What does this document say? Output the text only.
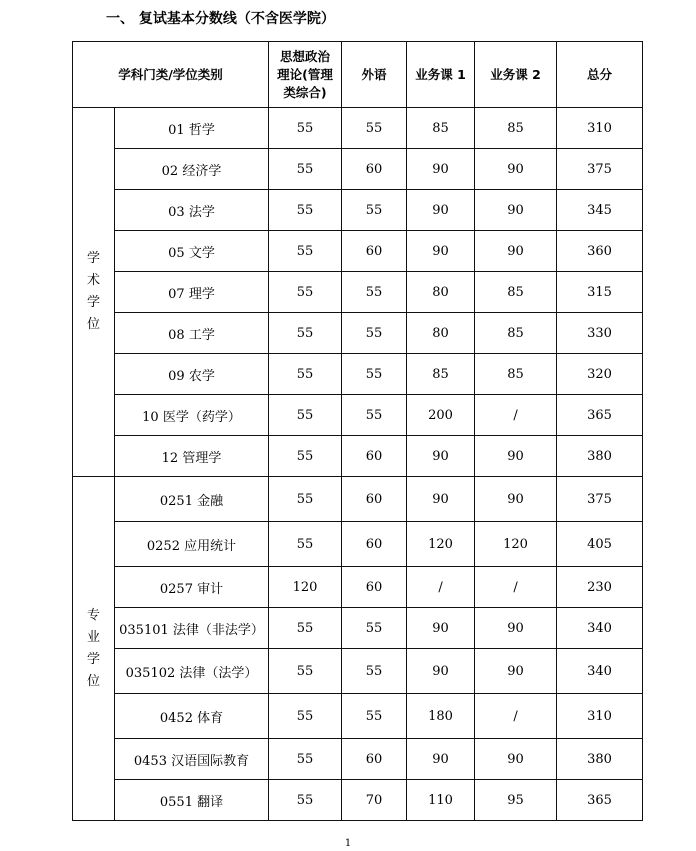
一、 复试基本分数线（不含医学院）
学科门类/学位类别		思想政治理论(管理类综合)	外语	业务课 1	业务课 2	总分

学术学位	01 哲学	55	55	85	85	310
	02 经济学	55	60	90	90	375
	03 法学	55	55	90	90	345
	05 文学	55	60	90	90	360
	07 理学	55	55	80	85	315
	08 工学	55	55	80	85	330
	09 农学	55	55	85	85	320
	10 医学（药学）	55	55	200	/	365
	12 管理学	55	60	90	90	380

专业学位	0251 金融	55	60	90	90	375
	0252 应用统计	55	60	120	120	405
	0257 审计	120	60	/	/	230
	035101 法律（非法学）	55	55	90	90	340
	035102 法律（法学）	55	55	90	90	340
	0452 体育	55	55	180	/	310
	0453 汉语国际教育	55	60	90	90	380
	0551 翻译	55	70	110	95	365
1
